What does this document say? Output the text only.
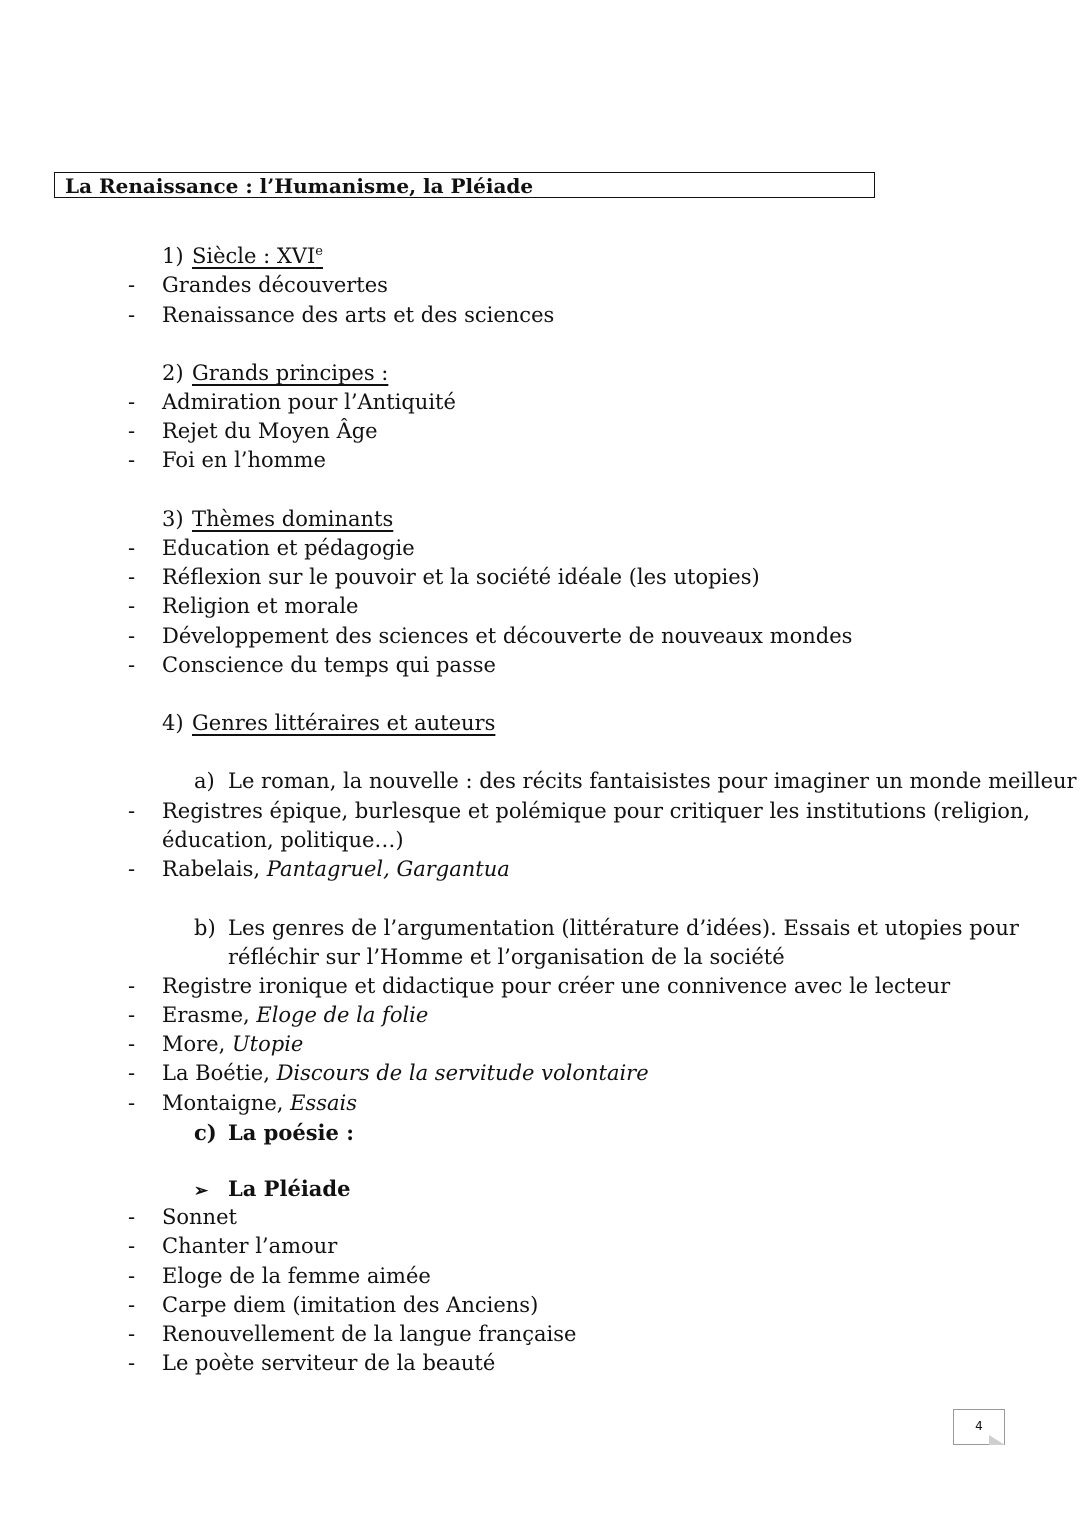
La Renaissance : l’Humanisme, la Pléiade
1) Siècle : XVIe
- Grandes découvertes
- Renaissance des arts et des sciences
2) Grands principes :
- Admiration pour l’Antiquité
- Rejet du Moyen Âge
- Foi en l’homme
3) Thèmes dominants
- Education et pédagogie
- Réflexion sur le pouvoir et la société idéale (les utopies)
- Religion et morale
- Développement des sciences et découverte de nouveaux mondes
- Conscience du temps qui passe
4) Genres littéraires et auteurs
a) Le roman, la nouvelle : des récits fantaisistes pour imaginer un monde meilleur
- Registres épique, burlesque et polémique pour critiquer les institutions (religion,
éducation, politique…)
- Rabelais, Pantagruel, Gargantua
b) Les genres de l’argumentation (littérature d’idées). Essais et utopies pour
réfléchir sur l’Homme et l’organisation de la société
- Registre ironique et didactique pour créer une connivence avec le lecteur
- Erasme, Eloge de la folie
- More, Utopie
- La Boétie, Discours de la servitude volontaire
- Montaigne, Essais
c) La poésie :
➢ La Pléiade
- Sonnet
- Chanter l’amour
- Eloge de la femme aimée
- Carpe diem (imitation des Anciens)
- Renouvellement de la langue française
- Le poète serviteur de la beauté
4
